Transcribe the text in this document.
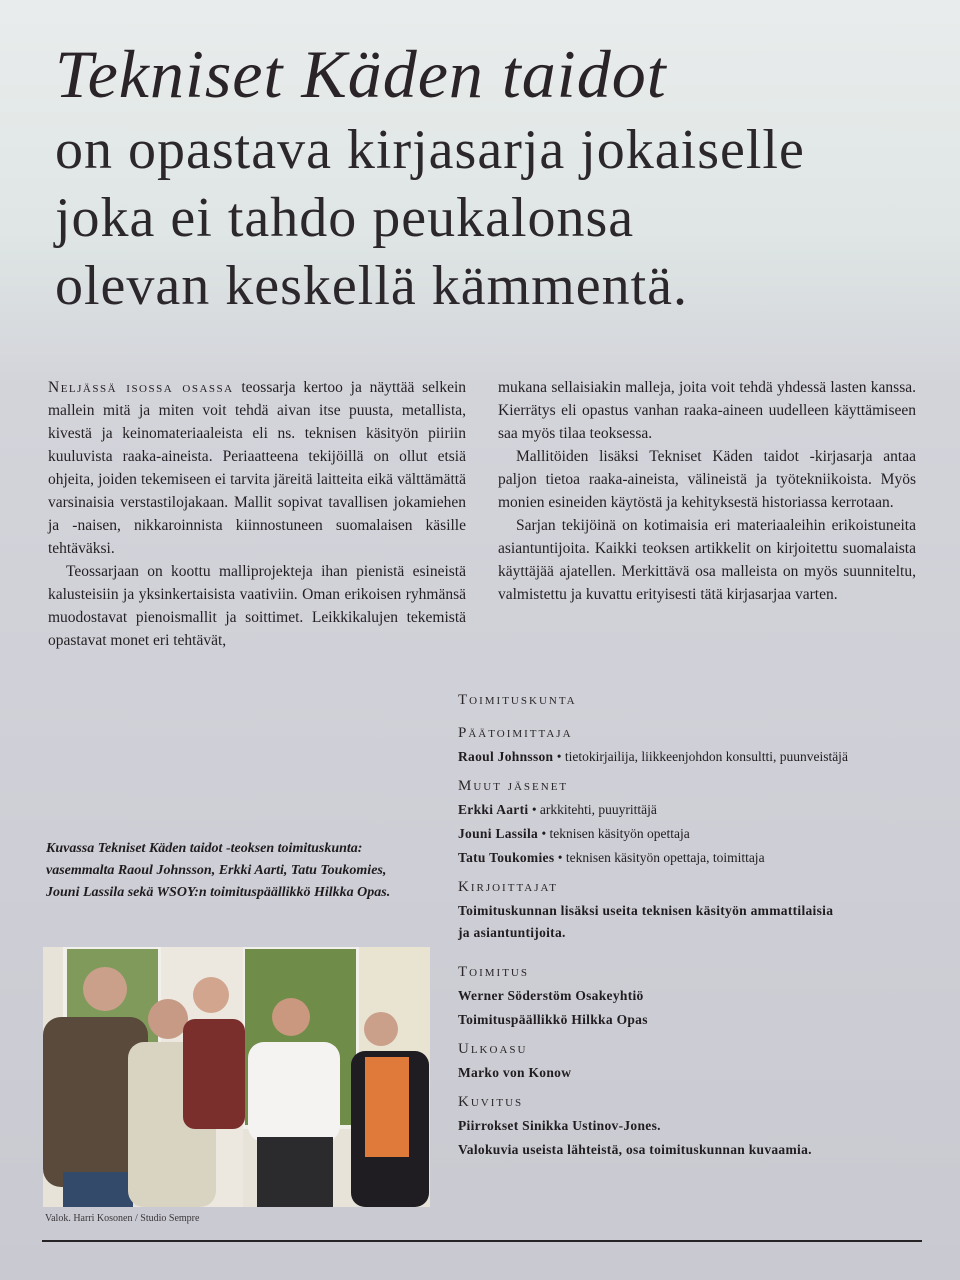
Tekniset Käden taidot
on opastava kirjasarja jokaiselle
joka ei tahdo peukalonsa
olevan keskellä kämmentä.

Neljässä isossa osassa teossarja kertoo ja näyttää selkein mallein mitä ja miten voit tehdä aivan itse puusta, metallista, kivestä ja keinomateriaaleista eli ns. teknisen käsityön piiriin kuuluvista raaka-aineista. Periaatteena tekijöillä on ollut etsiä ohjeita, joiden tekemiseen ei tarvita järeitä laitteita eikä välttämättä varsinaisia verstastilojakaan. Mallit sopivat tavallisen jokamiehen ja -naisen, nikkaroinnista kiinnostuneen suomalaisen käsille tehtäväksi.

Teossarjaan on koottu malliprojekteja ihan pienistä esineistä kalusteisiin ja yksinkertaisista vaativiin. Oman erikoisen ryhmänsä muodostavat pienoismallit ja soittimet. Leikkikalujen tekemistä opastavat monet eri tehtävät,

mukana sellaisiakin malleja, joita voit tehdä yhdessä lasten kanssa. Kierrätys eli opastus vanhan raaka-aineen uudelleen käyttämiseen saa myös tilaa teoksessa.

Mallitöiden lisäksi Tekniset Käden taidot -kirjasarja antaa paljon tietoa raaka-aineista, välineistä ja työtekniikoista. Myös monien esineiden käytöstä ja kehityksestä historiassa kerrotaan.

Sarjan tekijöinä on kotimaisia eri materiaaleihin erikoistuneita asiantuntijoita. Kaikki teoksen artikkelit on kirjoitettu suomalaista käyttäjää ajatellen. Merkittävä osa malleista on myös suunniteltu, valmistettu ja kuvattu erityisesti tätä kirjasarjaa varten.

Toimituskunta
Päätoimittaja
Raoul Johnsson • tietokirjailija, liikkeenjohdon konsultti, puunveistäjä
Muut jäsenet
Erkki Aarti • arkkitehti, puuyrittäjä
Jouni Lassila • teknisen käsityön opettaja
Tatu Toukomies • teknisen käsityön opettaja, toimittaja
Kirjoittajat
Toimituskunnan lisäksi useita teknisen käsityön ammattilaisia
ja asiantuntijoita.
Toimitus
Werner Söderstöm Osakeyhtiö
Toimituspäällikkö Hilkka Opas
Ulkoasu
Marko von Konow
Kuvitus
Piirrokset Sinikka Ustinov-Jones.
Valokuvia useista lähteistä, osa toimituskunnan kuvaamia.
Kuvassa Tekniset Käden taidot -teoksen toimituskunta: vasemmalta Raoul Johnsson, Erkki Aarti, Tatu Toukomies, Jouni Lassila sekä WSOY:n toimituspäällikkö Hilkka Opas.
Valok. Harri Kosonen / Studio Sempre
